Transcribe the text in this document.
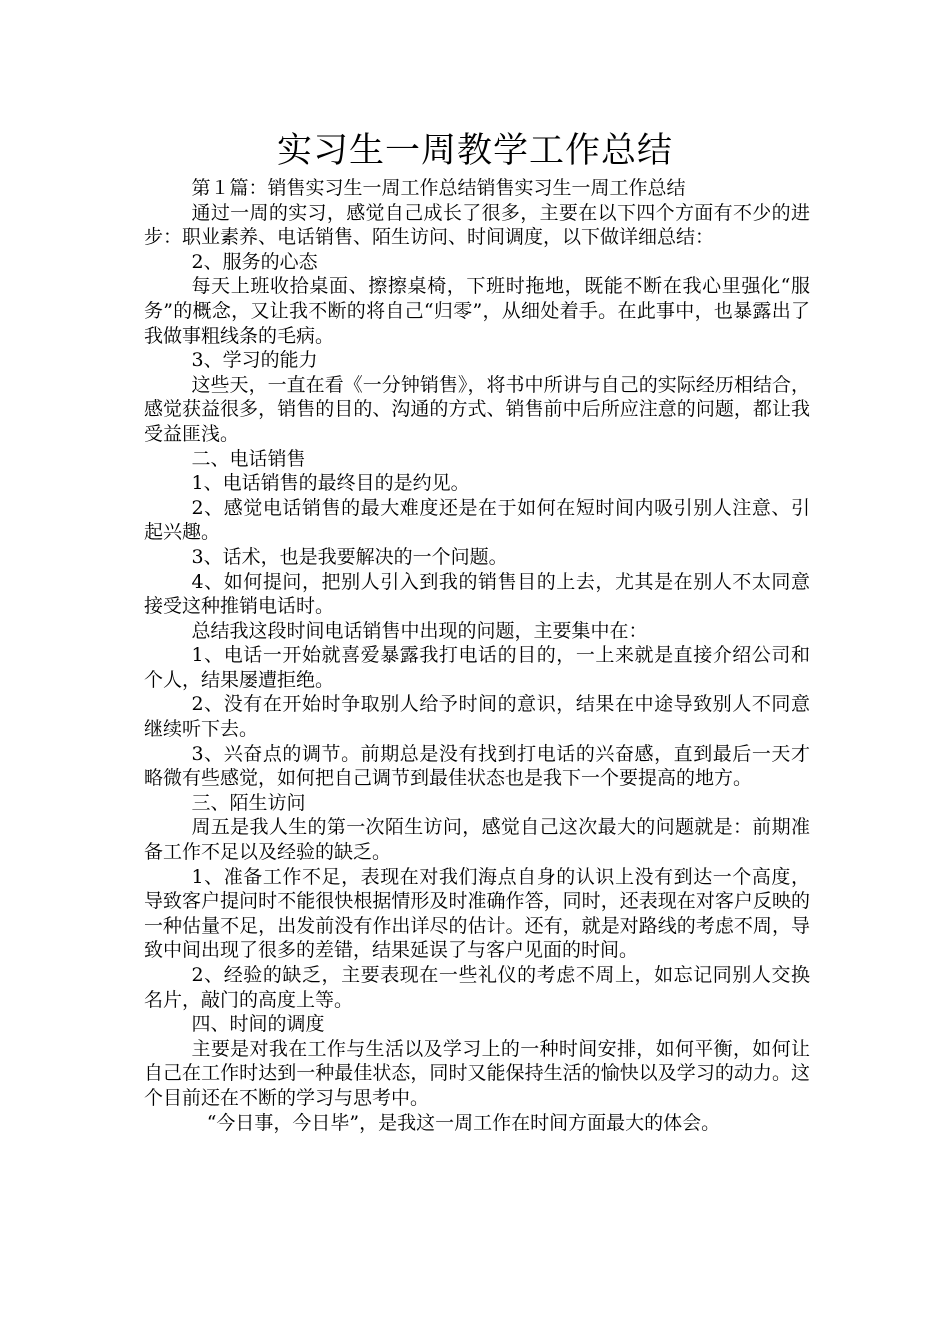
实习生一周教学工作总结

第１篇：销售实习生一周工作总结销售实习生一周工作总结

通过一周的实习，感觉自己成长了很多，主要在以下四个方面有不少的进步：职业素养、电话销售、陌生访问、时间调度，以下做详细总结：

2、服务的心态

每天上班收拾桌面、擦擦桌椅，下班时拖地，既能不断在我心里强化“服务”的概念，又让我不断的将自己“归零”，从细处着手。在此事中，也暴露出了我做事粗线条的毛病。

3、学习的能力

这些天，一直在看《一分钟销售》，将书中所讲与自己的实际经历相结合，感觉获益很多，销售的目的、沟通的方式、销售前中后所应注意的问题，都让我受益匪浅。

二、电话销售

1、电话销售的最终目的是约见。

2、感觉电话销售的最大难度还是在于如何在短时间内吸引别人注意、引起兴趣。

3、话术，也是我要解决的一个问题。

4、如何提问，把别人引入到我的销售目的上去，尤其是在别人不太同意接受这种推销电话时。

总结我这段时间电话销售中出现的问题，主要集中在：

1、电话一开始就喜爱暴露我打电话的目的，一上来就是直接介绍公司和个人，结果屡遭拒绝。

2、没有在开始时争取别人给予时间的意识，结果在中途导致别人不同意继续听下去。

3、兴奋点的调节。前期总是没有找到打电话的兴奋感，直到最后一天才略微有些感觉，如何把自己调节到最佳状态也是我下一个要提高的地方。

三、陌生访问

周五是我人生的第一次陌生访问，感觉自己这次最大的问题就是：前期准备工作不足以及经验的缺乏。

1、准备工作不足，表现在对我们海点自身的认识上没有到达一个高度，导致客户提问时不能很快根据情形及时准确作答，同时，还表现在对客户反映的一种估量不足，出发前没有作出详尽的估计。还有，就是对路线的考虑不周，导致中间出现了很多的差错，结果延误了与客户见面的时间。

2、经验的缺乏，主要表现在一些礼仪的考虑不周上，如忘记同别人交换名片，敲门的高度上等。

四、时间的调度

主要是对我在工作与生活以及学习上的一种时间安排，如何平衡，如何让自己在工作时达到一种最佳状态，同时又能保持生活的愉快以及学习的动力。这个目前还在不断的学习与思考中。

“今日事，今日毕”，是我这一周工作在时间方面最大的体会。
